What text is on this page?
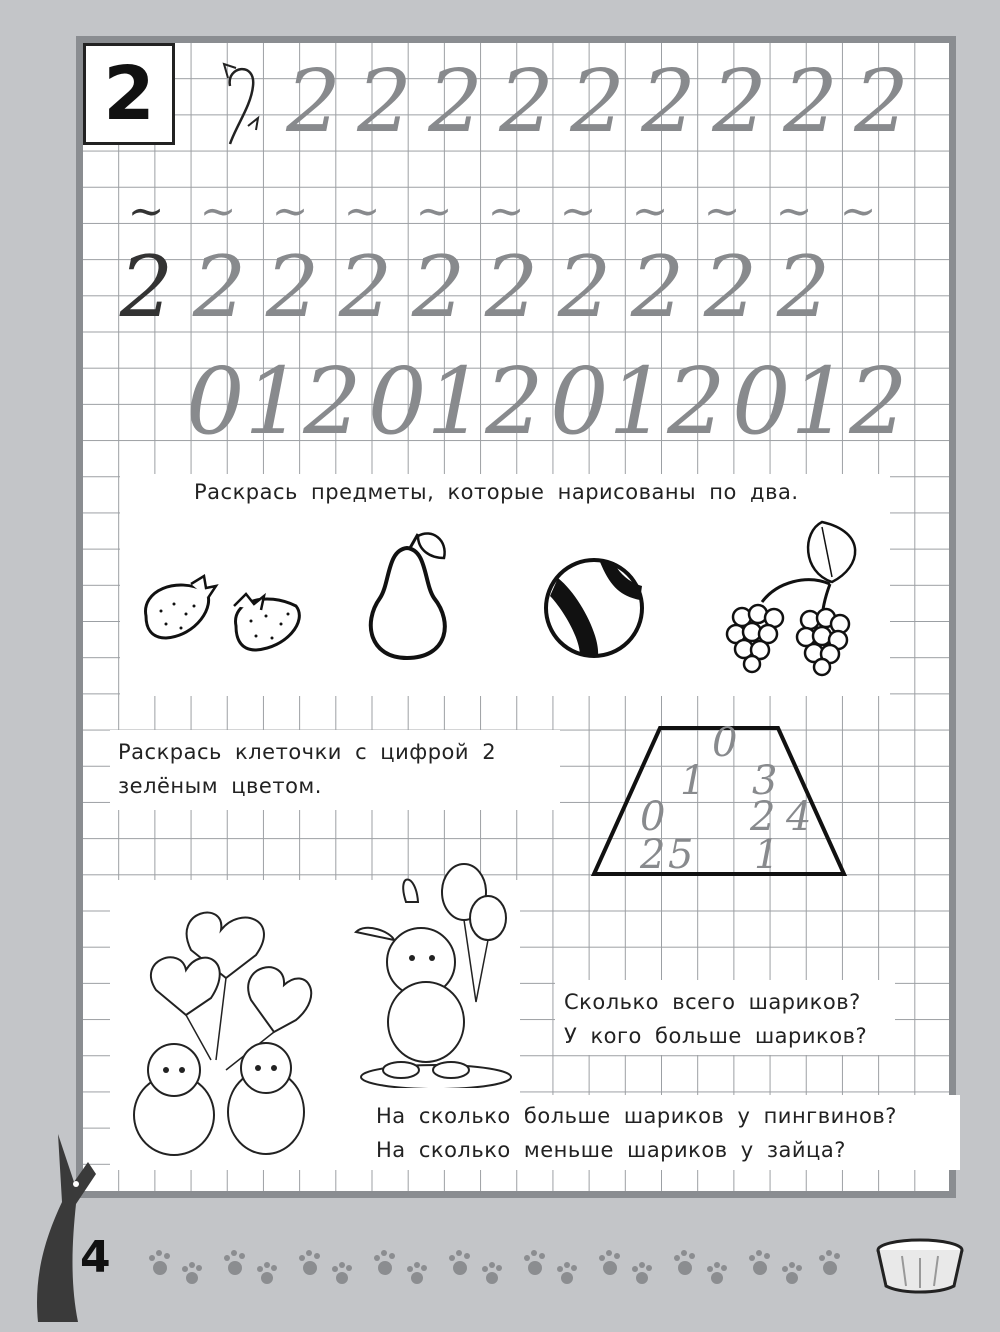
2 2 2 2 2 2 2 2 2 2
~ ~ ~ ~ ~ ~ ~ ~ ~ ~ ~
2 2 2 2 2 2 2 2 2 2
012 012 012 012
Раскрась предметы, которые нарисованы по два.
Раскрась клеточки с цифрой 2
зелёным цветом.
0
1 3
0 2 4
2 5 1
Сколько всего шариков?
У кого больше шариков?
На сколько больше шариков у пингвинов?
На сколько меньше шариков у зайца?
4
